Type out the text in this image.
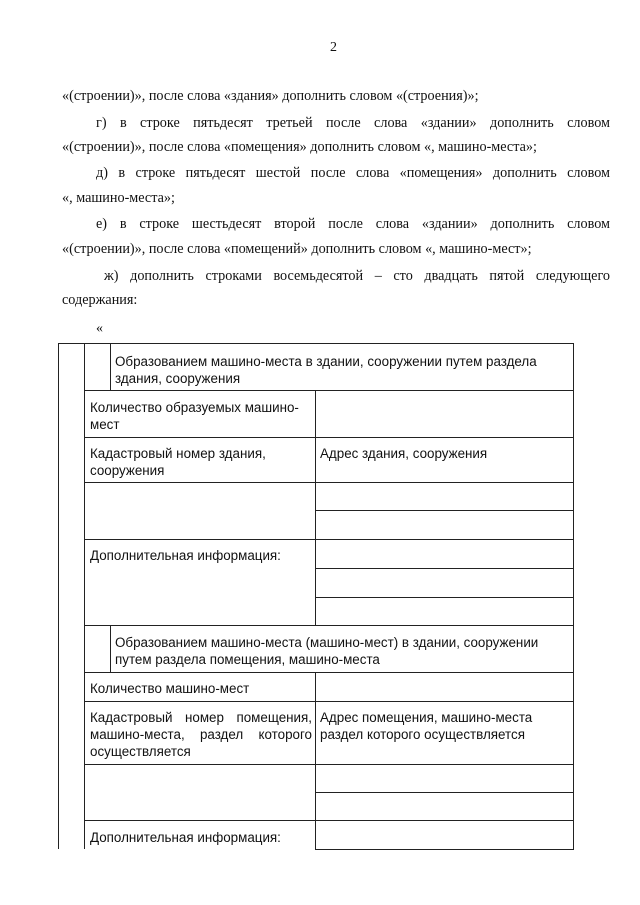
2
«(строении)», после слова «здания» дополнить словом «(строения)»;
г) в строке пятьдесят третьей после слова «здании» дополнить словом
«(строении)», после слова «помещения» дополнить словом «, машино-места»;
д) в строке пятьдесят шестой после слова «помещения» дополнить словом
«, машино-места»;
е) в строке шестьдесят второй после слова «здании» дополнить словом
«(строении)», после слова «помещений» дополнить словом «, машино-мест»;
ж) дополнить строками восемьдесятой – сто двадцать пятой следующего
содержания:
«
Образованием машино-места в здании, сооружении путем раздела здания, сооружения
Количество образуемых машино-мест
Кадастровый номер здания, сооружения
Адрес здания, сооружения
Дополнительная информация:
Образованием машино-места (машино-мест) в здании, сооружении путем раздела помещения, машино-места
Количество машино-мест
Кадастровый номер помещения, машино-места, раздел которого осуществляется
Адрес помещения, машино-места раздел которого осуществляется
Дополнительная информация:
